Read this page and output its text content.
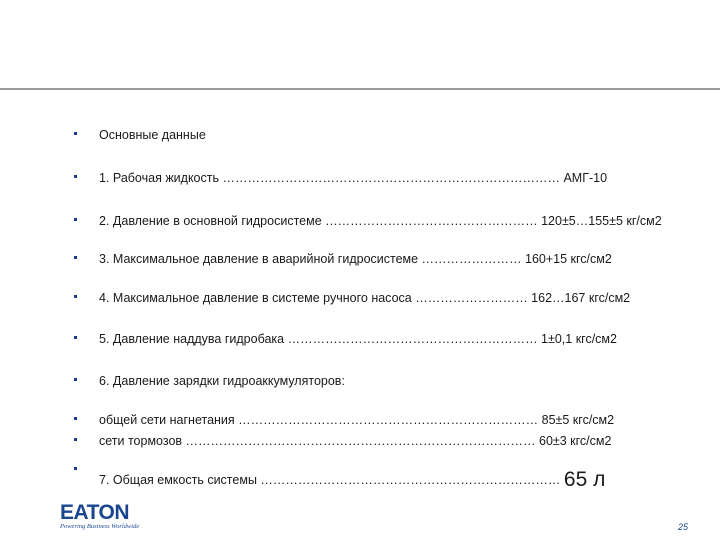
Основные данные
1. Рабочая жидкость ……………………………………………………………………… АМГ-10
2. Давление в основной гидросистеме …………………………………………… 120±5…155±5 кг/см2
3. Максимальное давление в аварийной гидросистеме …………………… 160+15 кгс/см2
4. Максимальное давление в системе ручного насоса ……………………… 162…167 кгс/см2
5. Давление наддува гидробака …………………………………………………… 1±0,1 кгс/см2
6. Давление зарядки гидроаккумуляторов:
общей сети нагнетания ……………………………………………………………… 85±5 кгс/см2
сети тормозов ………………………………………………………………………… 60±3 кгс/см2
7. Общая емкость системы ……………………………………………………………… 65 л
EATON
Powering Business Worldwide	25
